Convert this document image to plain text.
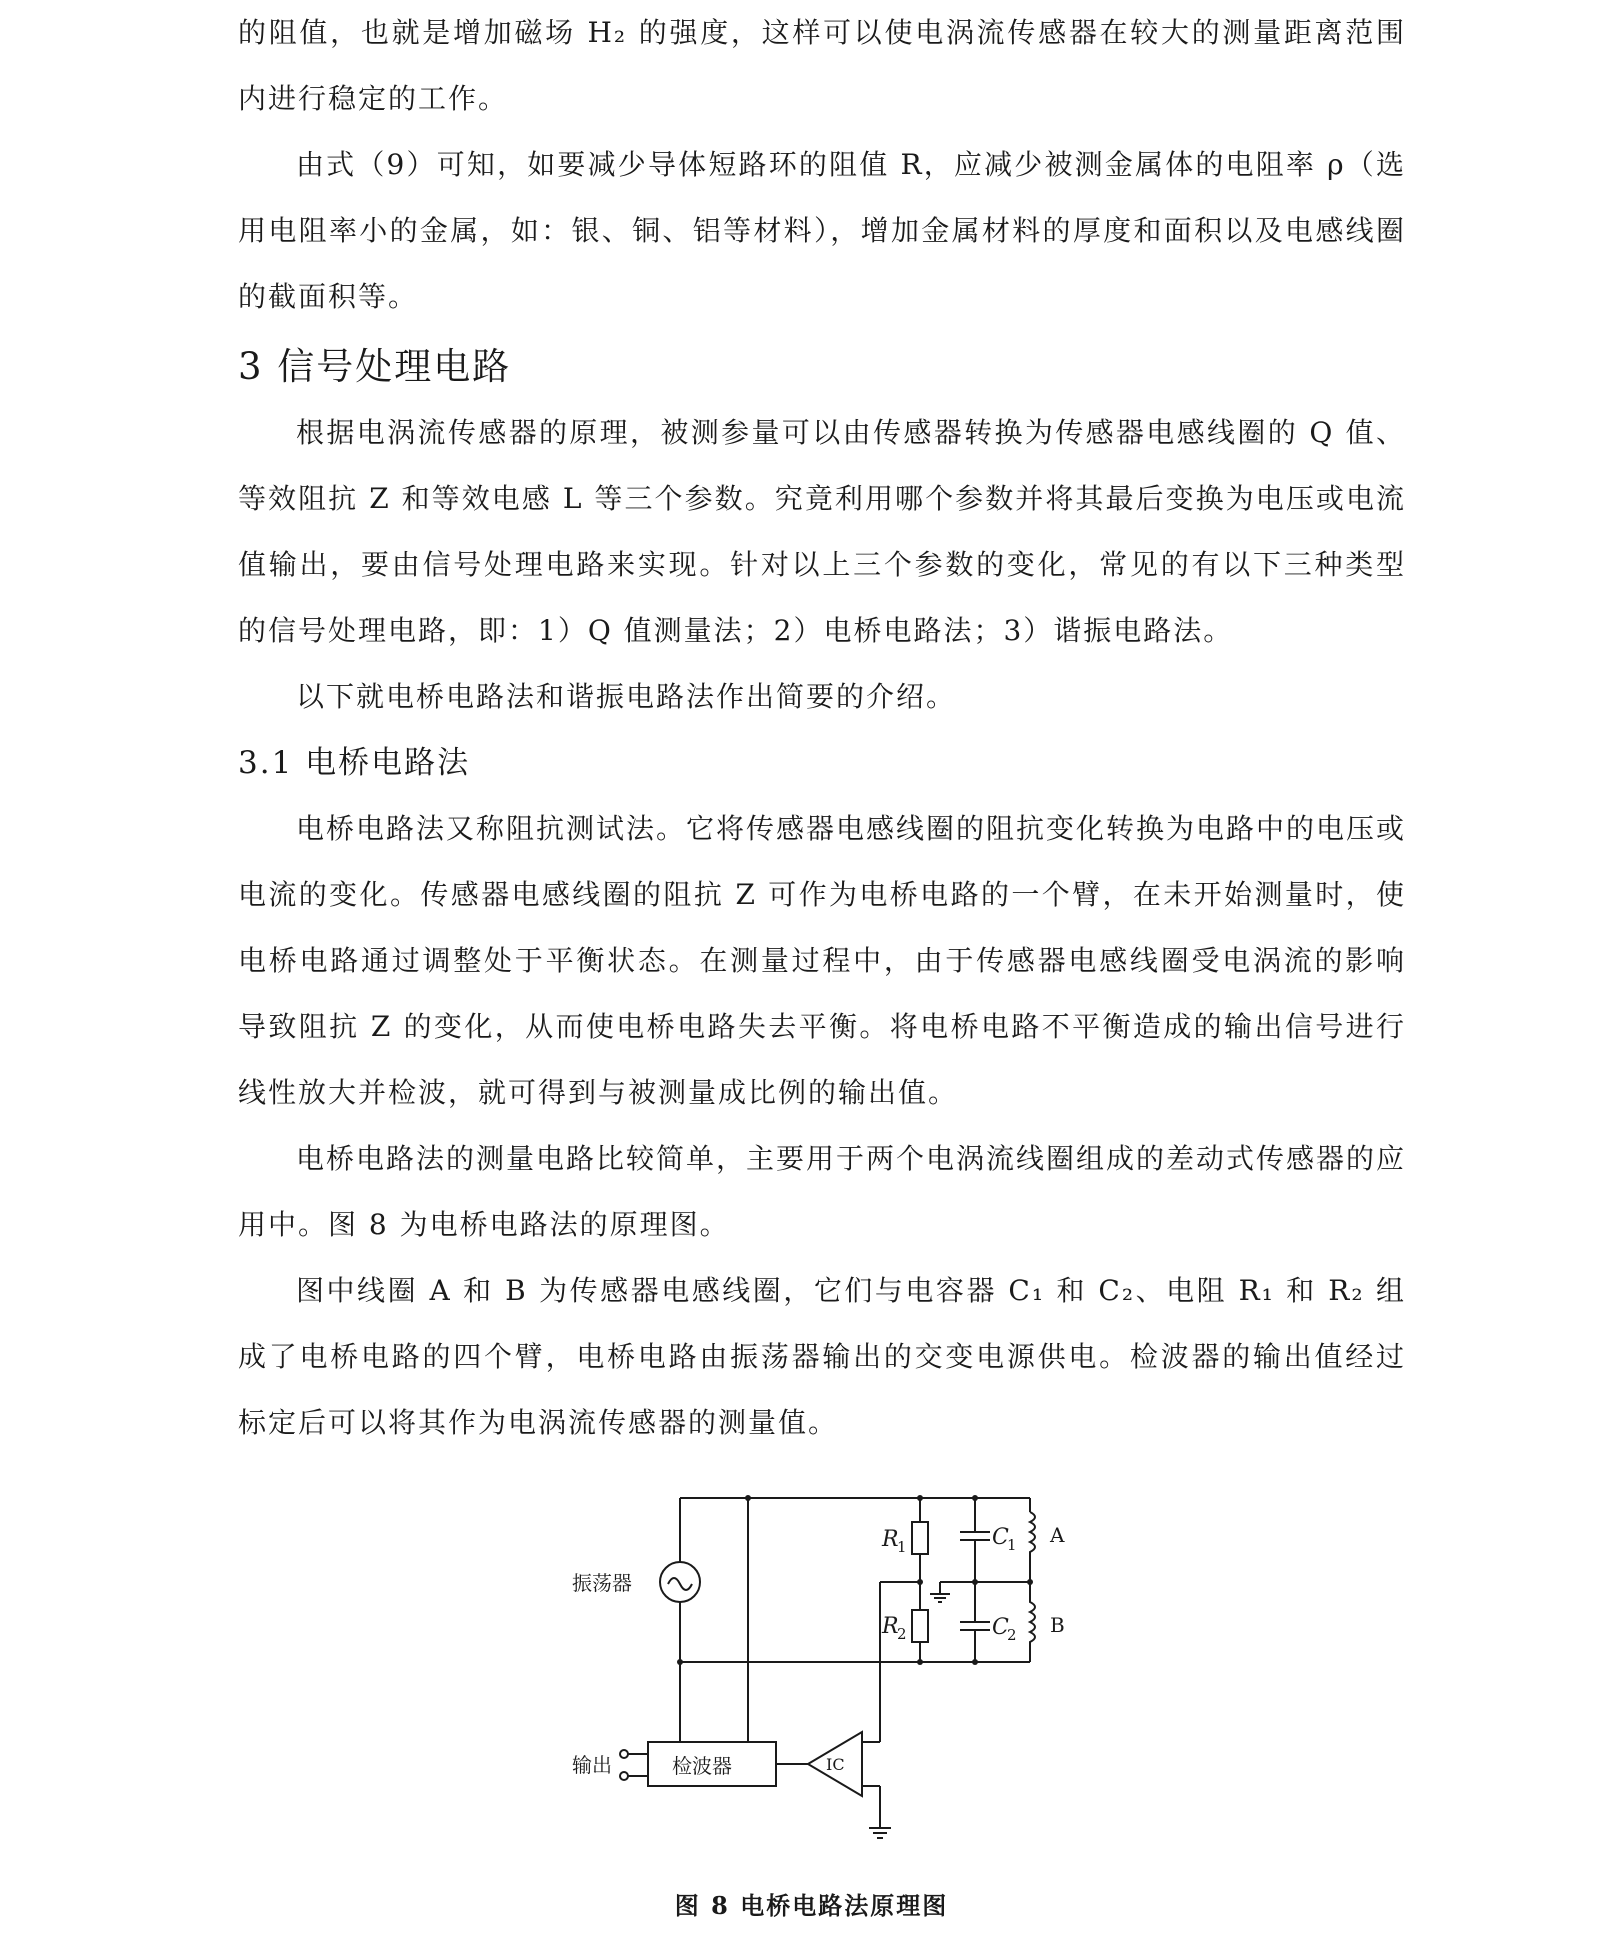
的阻值，也就是增加磁场 H₂ 的强度，这样可以使电涡流传感器在较大的测量距离范围内进行稳定的工作。

由式（9）可知，如要减少导体短路环的阻值 R，应减少被测金属体的电阻率 ρ（选用电阻率小的金属，如：银、铜、铝等材料），增加金属材料的厚度和面积以及电感线圈的截面积等。

3 信号处理电路

根据电涡流传感器的原理，被测参量可以由传感器转换为传感器电感线圈的 Q 值、等效阻抗 Z 和等效电感 L 等三个参数。究竟利用哪个参数并将其最后变换为电压或电流值输出，要由信号处理电路来实现。针对以上三个参数的变化，常见的有以下三种类型的信号处理电路，即：1）Q 值测量法；2）电桥电路法；3）谐振电路法。

以下就电桥电路法和谐振电路法作出简要的介绍。

3.1 电桥电路法

电桥电路法又称阻抗测试法。它将传感器电感线圈的阻抗变化转换为电路中的电压或电流的变化。传感器电感线圈的阻抗 Z 可作为电桥电路的一个臂，在未开始测量时，使电桥电路通过调整处于平衡状态。在测量过程中，由于传感器电感线圈受电涡流的影响导致阻抗 Z 的变化，从而使电桥电路失去平衡。将电桥电路不平衡造成的输出信号进行线性放大并检波，就可得到与被测量成比例的输出值。

电桥电路法的测量电路比较简单，主要用于两个电涡流线圈组成的差动式传感器的应用中。图 8 为电桥电路法的原理图。

图中线圈 A 和 B 为传感器电感线圈，它们与电容器 C₁ 和 C₂、电阻 R₁ 和 R₂ 组成了电桥电路的四个臂，电桥电路由振荡器输出的交变电源供电。检波器的输出值经过标定后可以将其作为电涡流传感器的测量值。

振荡器
输出	检波器	IC
R
1
R
2
C
1
C
2
A
B
图 8 电桥电路法原理图
